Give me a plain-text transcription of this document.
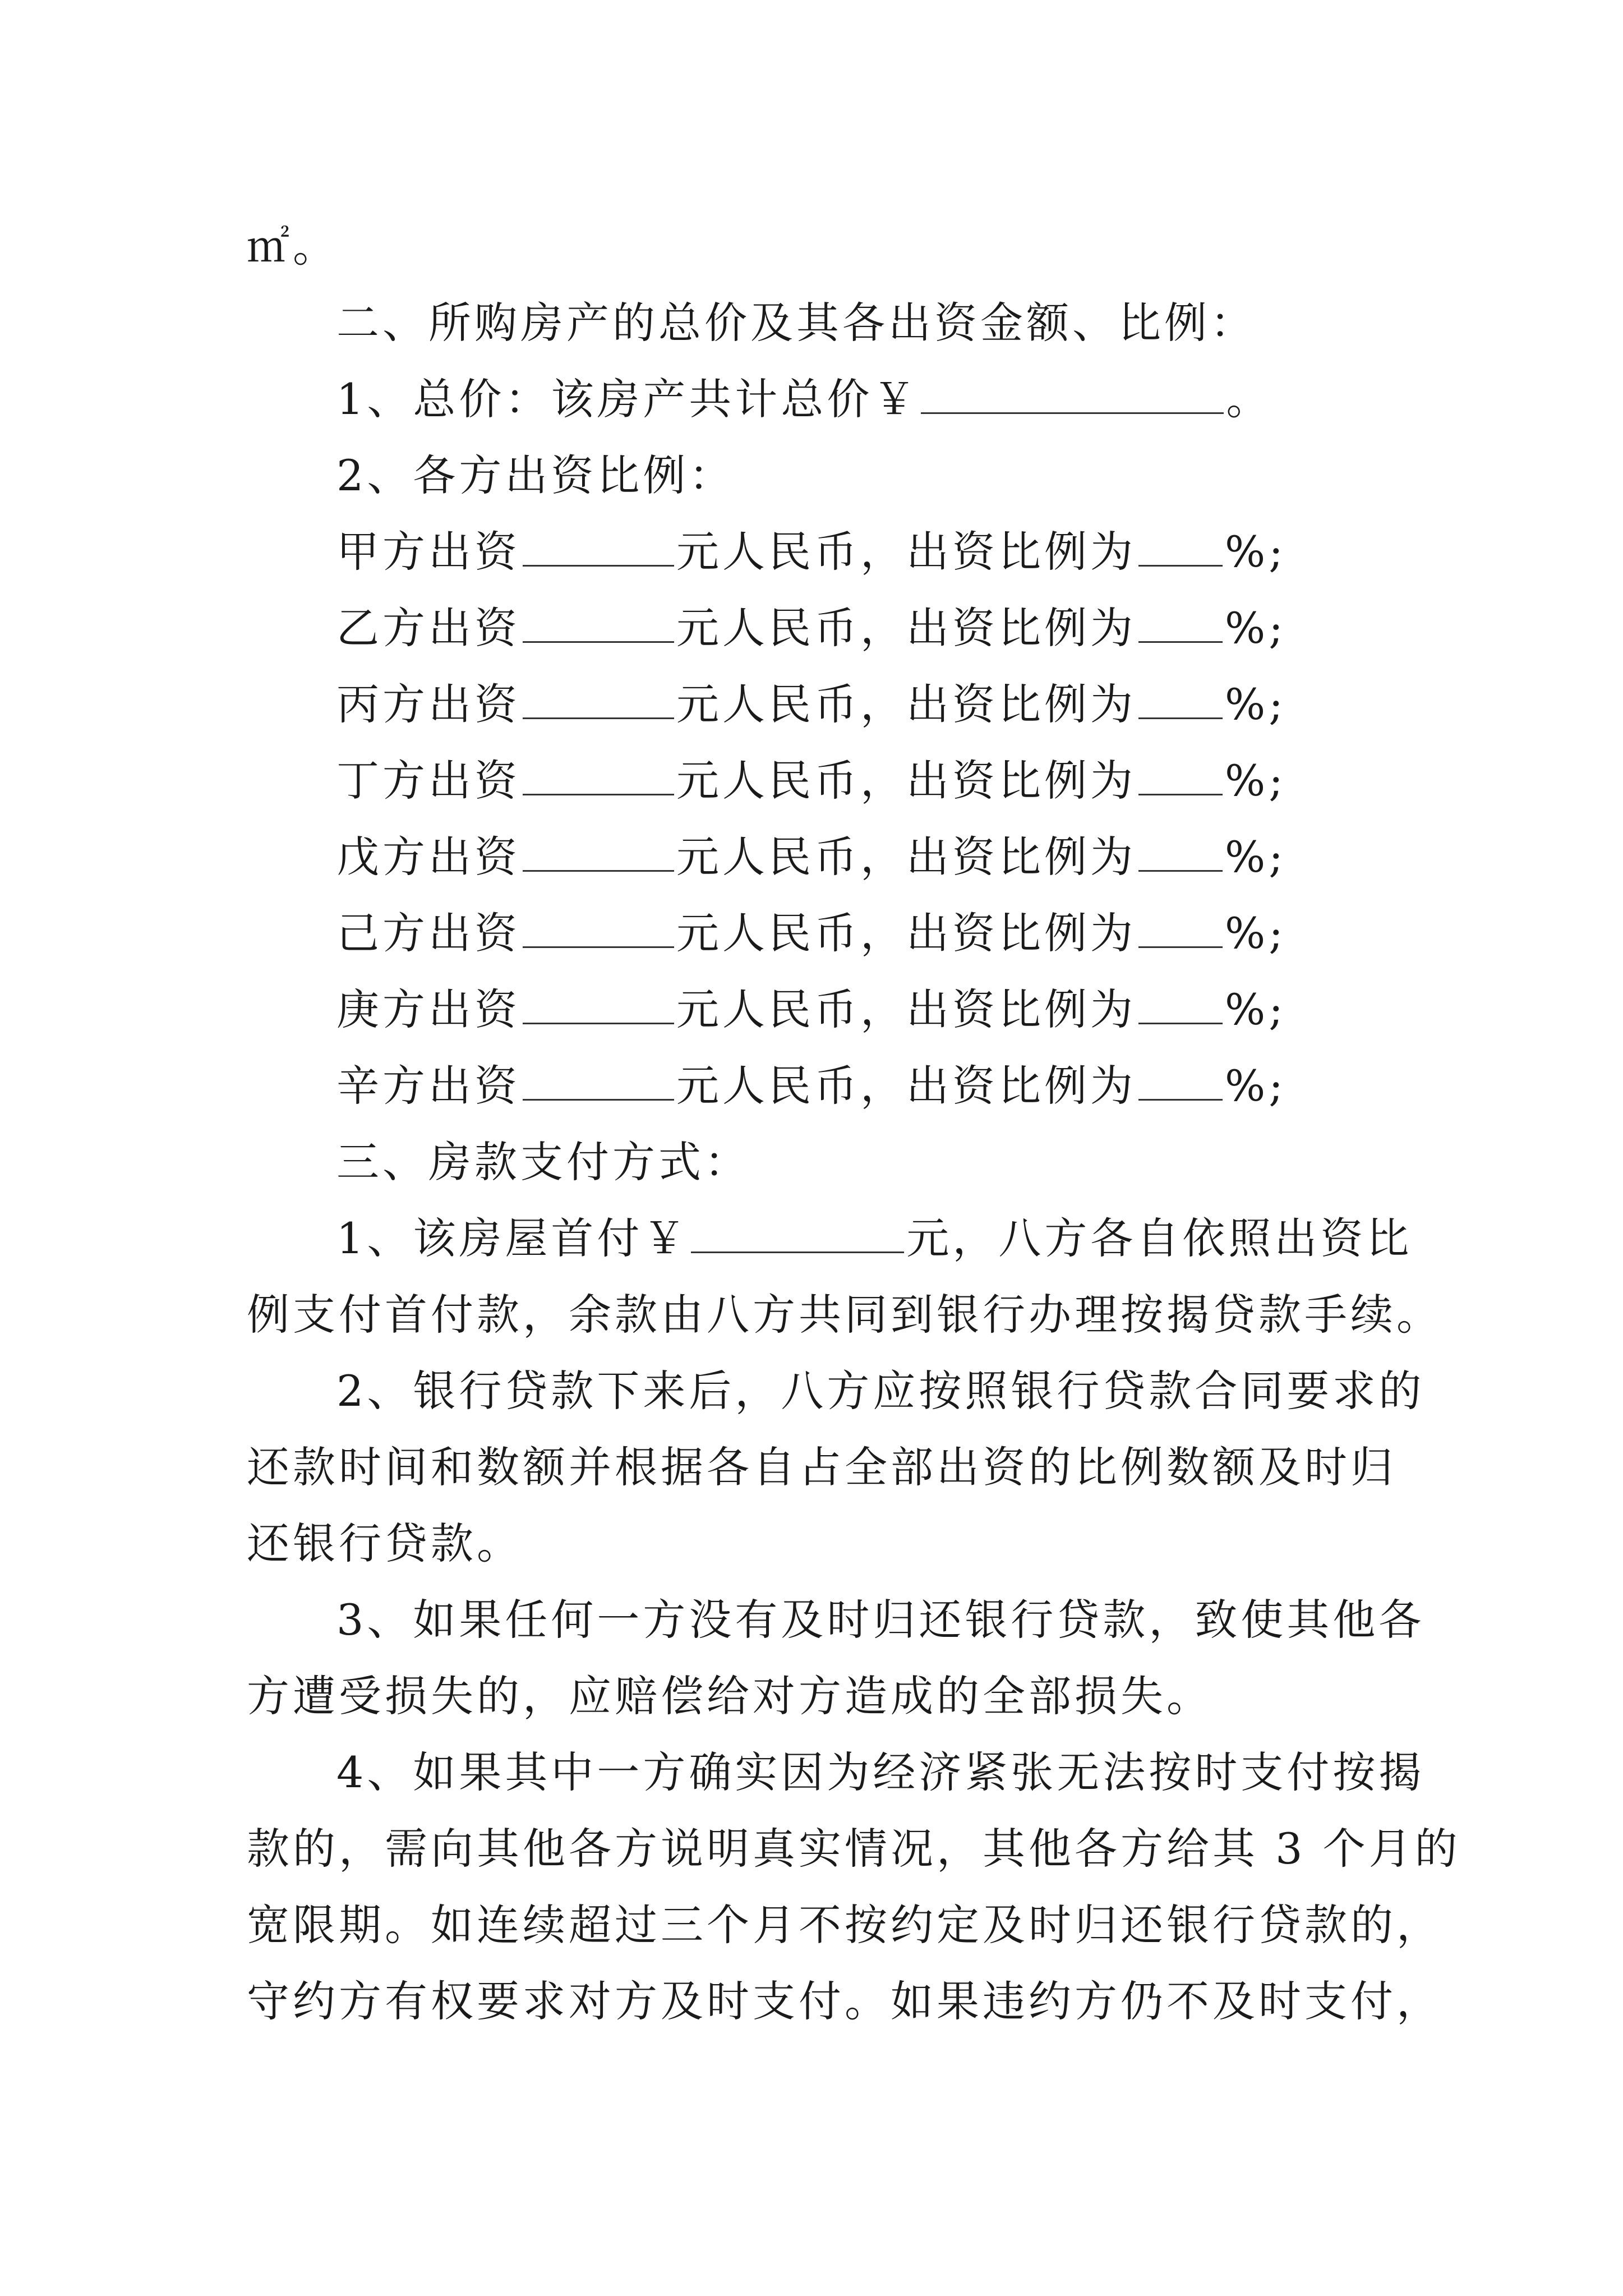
㎡。
二、所购房产的总价及其各出资金额、比例：
1、总价：该房产共计总价￥	。
2、各方出资比例：
甲方出资	元人民币，出资比例为 %;
乙方出资	元人民币，出资比例为 %;
丙方出资	元人民币，出资比例为 %;
丁方出资	元人民币，出资比例为 %;
戊方出资	元人民币，出资比例为 %;
己方出资	元人民币，出资比例为 %;
庚方出资	元人民币，出资比例为 %;
辛方出资	元人民币，出资比例为 %;
三、房款支付方式：
1、该房屋首付￥	元，八方各自依照出资比
例支付首付款，余款由八方共同到银行办理按揭贷款手续。
2、银行贷款下来后，八方应按照银行贷款合同要求的
还款时间和数额并根据各自占全部出资的比例数额及时归
还银行贷款。
3、如果任何一方没有及时归还银行贷款，致使其他各
方遭受损失的，应赔偿给对方造成的全部损失。
4、如果其中一方确实因为经济紧张无法按时支付按揭
款的，需向其他各方说明真实情况，其他各方给其 3 个月的
宽限期。如连续超过三个月不按约定及时归还银行贷款的，
守约方有权要求对方及时支付。如果违约方仍不及时支付，
